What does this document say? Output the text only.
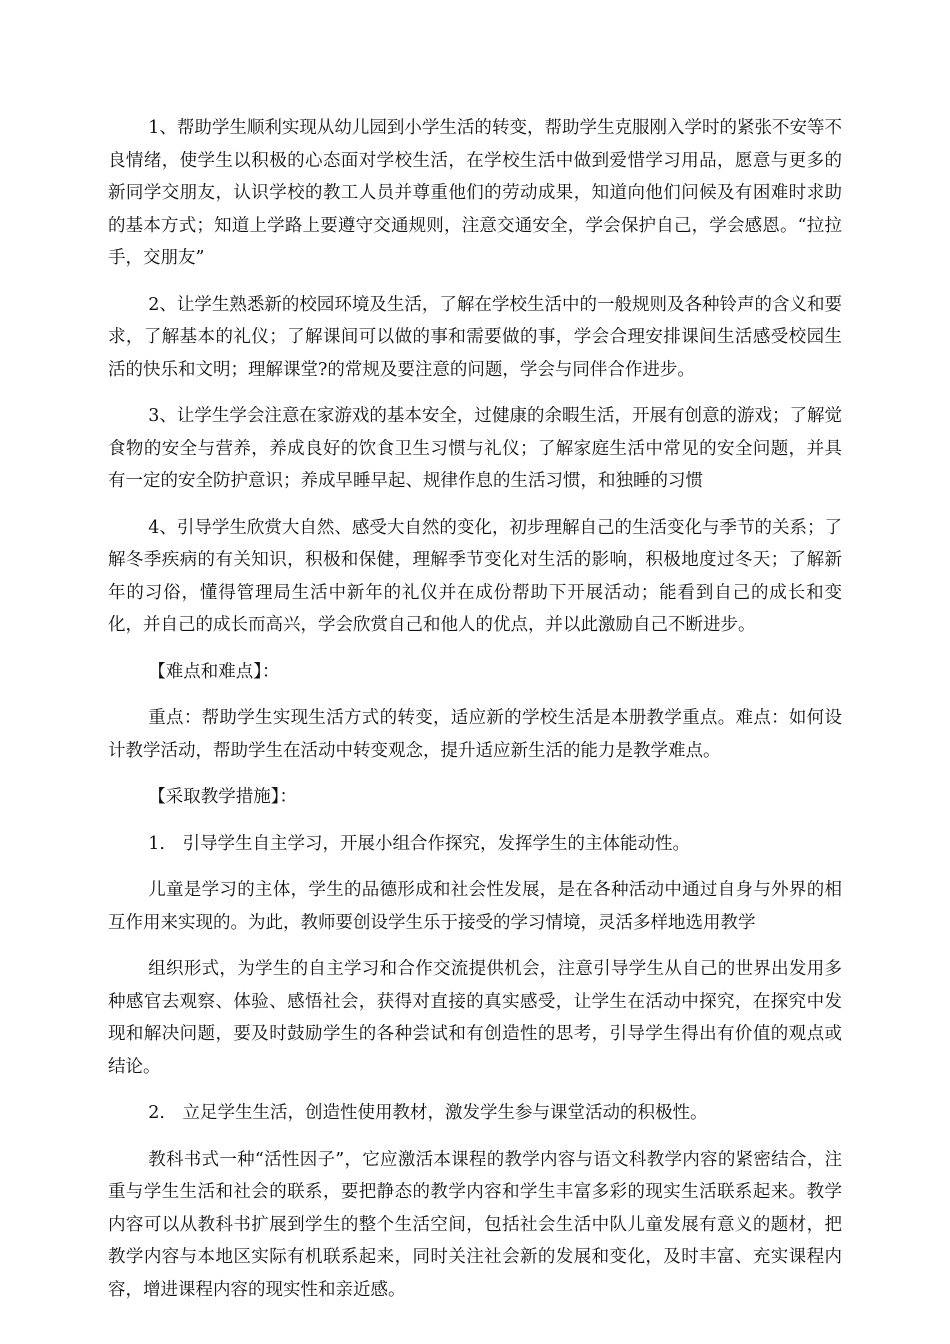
1、帮助学生顺利实现从幼儿园到小学生活的转变，帮助学生克服刚入学时的紧张不安等不良情绪，使学生以积极的心态面对学校生活，在学校生活中做到爱惜学习用品，愿意与更多的新同学交朋友，认识学校的教工人员并尊重他们的劳动成果，知道向他们问候及有困难时求助的基本方式；知道上学路上要遵守交通规则，注意交通安全，学会保护自己，学会感恩。“拉拉手，交朋友”

2、让学生熟悉新的校园环境及生活，了解在学校生活中的一般规则及各种铃声的含义和要求，了解基本的礼仪；了解课间可以做的事和需要做的事，学会合理安排课间生活感受校园生活的快乐和文明；理解课堂?的常规及要注意的问题，学会与同伴合作进步。

3、让学生学会注意在家游戏的基本安全，过健康的余暇生活，开展有创意的游戏；了解觉食物的安全与营养，养成良好的饮食卫生习惯与礼仪；了解家庭生活中常见的安全问题，并具有一定的安全防护意识；养成早睡早起、规律作息的生活习惯，和独睡的习惯

4、引导学生欣赏大自然、感受大自然的变化，初步理解自己的生活变化与季节的关系；了解冬季疾病的有关知识，积极和保健，理解季节变化对生活的影响，积极地度过冬天；了解新年的习俗，懂得管理局生活中新年的礼仪并在成份帮助下开展活动；能看到自己的成长和变化，并自己的成长而高兴，学会欣赏自己和他人的优点，并以此激励自己不断进步。

【难点和难点】：

重点：帮助学生实现生活方式的转变，适应新的学校生活是本册教学重点。难点：如何设计教学活动，帮助学生在活动中转变观念，提升适应新生活的能力是教学难点。

【采取教学措施】：

1.　引导学生自主学习，开展小组合作探究，发挥学生的主体能动性。

儿童是学习的主体，学生的品德形成和社会性发展，是在各种活动中通过自身与外界的相互作用来实现的。为此，教师要创设学生乐于接受的学习情境，灵活多样地选用教学

组织形式，为学生的自主学习和合作交流提供机会，注意引导学生从自己的世界出发用多种感官去观察、体验、感悟社会，获得对直接的真实感受，让学生在活动中探究，在探究中发现和解决问题，要及时鼓励学生的各种尝试和有创造性的思考，引导学生得出有价值的观点或结论。

2.　立足学生生活，创造性使用教材，激发学生参与课堂活动的积极性。

教科书式一种“活性因子”，它应激活本课程的教学内容与语文科教学内容的紧密结合，注重与学生生活和社会的联系，要把静态的教学内容和学生丰富多彩的现实生活联系起来。教学内容可以从教科书扩展到学生的整个生活空间，包括社会生活中队儿童发展有意义的题材，把教学内容与本地区实际有机联系起来，同时关注社会新的发展和变化，及时丰富、充实课程内容，增进课程内容的现实性和亲近感。
